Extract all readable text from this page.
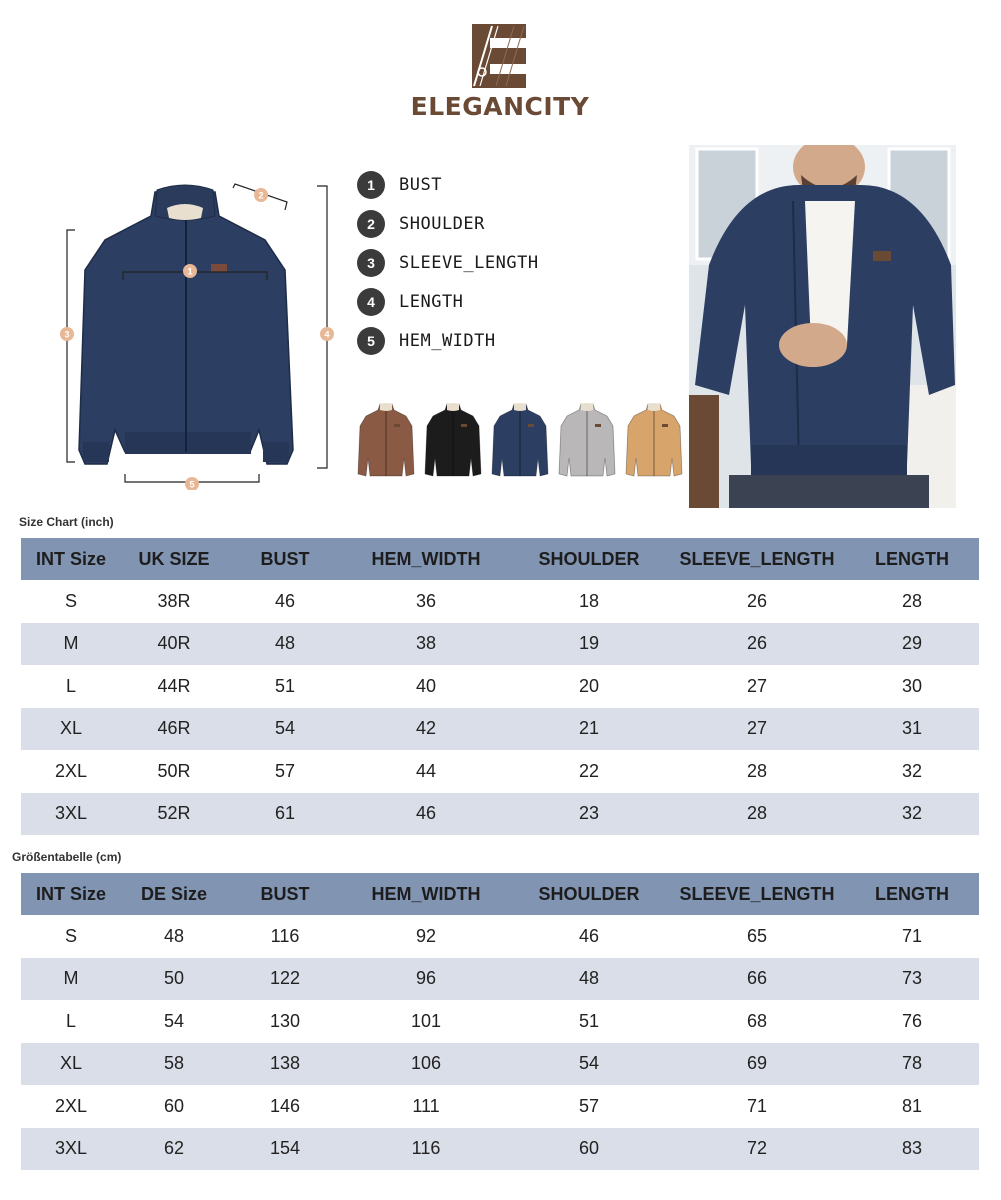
ELEGANCITY
1
2
3	4
5
1	BUST
2	SHOULDER
3	SLEEVE_LENGTH
4	LENGTH
5	HEM_WIDTH
Size Chart (inch)
INT Size	UK SIZE	BUST	HEM_WIDTH	SHOULDER	SLEEVE_LENGTH	LENGTH
S	38R	46	36	18	26	28
M	40R	48	38	19	26	29
L	44R	51	40	20	27	30
XL	46R	54	42	21	27	31
2XL	50R	57	44	22	28	32
3XL	52R	61	46	23	28	32
Größentabelle (cm)
INT Size	DE Size	BUST	HEM_WIDTH	SHOULDER	SLEEVE_LENGTH	LENGTH
S	48	116	92	46	65	71
M	50	122	96	48	66	73
L	54	130	101	51	68	76
XL	58	138	106	54	69	78
2XL	60	146	111	57	71	81
3XL	62	154	116	60	72	83
